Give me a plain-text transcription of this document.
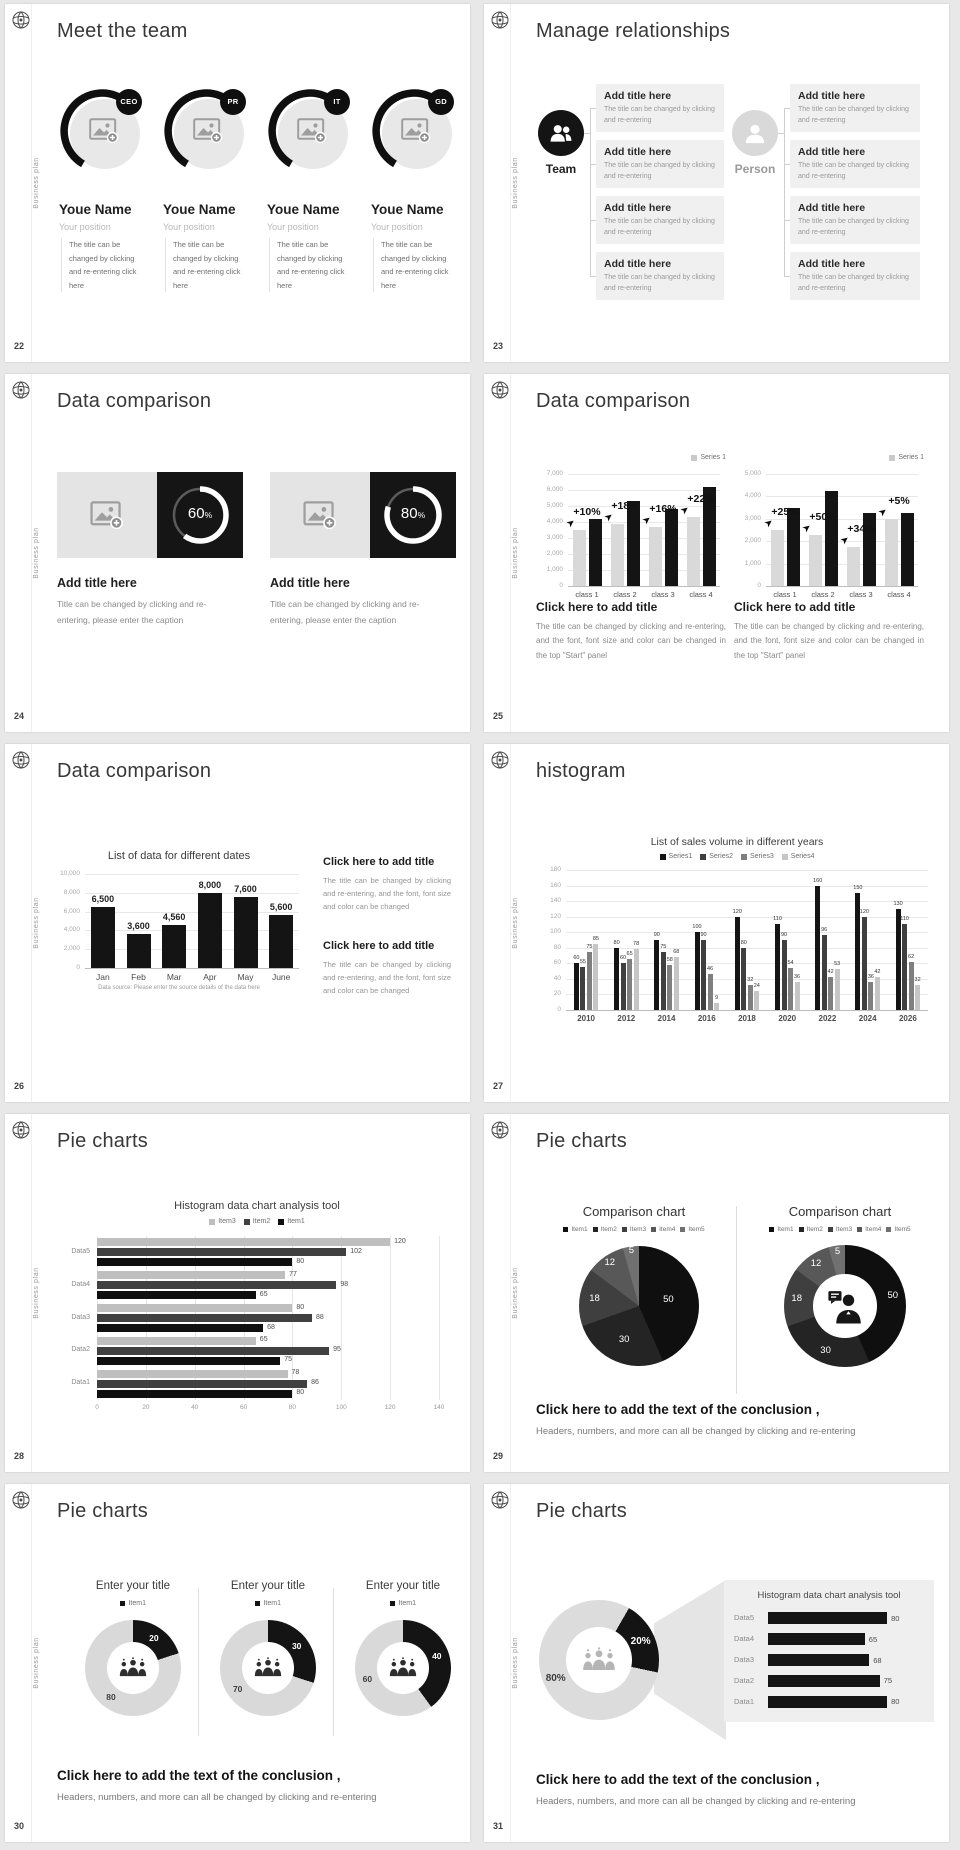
Business plan
22
Meet the team
CEO
Youe Name
Your position
The title can be changed by clicking and re-entering click here
PR
Youe Name
Your position
The title can be changed by clicking and re-entering click here
IT
Youe Name
Your position
The title can be changed by clicking and re-entering click here
GD
Youe Name
Your position
The title can be changed by clicking and re-entering click here
Business plan
23
Manage relationships
Team
Add title here
The title can be changed by clicking and re-entering
Add title here
The title can be changed by clicking and re-entering
Add title here
The title can be changed by clicking and re-entering
Add title here
The title can be changed by clicking and re-entering
Person
Add title here
The title can be changed by clicking and re-entering
Add title here
The title can be changed by clicking and re-entering
Add title here
The title can be changed by clicking and re-entering
Add title here
The title can be changed by clicking and re-entering
Business plan
24
Data comparison
60%
Add title here
Title can be changed by clicking and re-entering, please enter the caption
80%
Add title here
Title can be changed by clicking and re-entering, please enter the caption
Business plan
25
Data comparison
Series 1
0
1,000
2,000
3,000
4,000
5,000
6,000
7,000
+10%
➤
class 1
+18%
➤
class 2
+16%
➤
class 3
+22%
➤
class 4
Series 1
0
1,000
2,000
3,000
4,000
5,000
+25%
➤
class 1
+50%
➤
class 2
+34%
➤
class 3
+5%
➤
class 4
Click here to add title
The title can be changed by clicking and re-entering, and the font, font size and color can be changed in the top "Start" panel
Click here to add title
The title can be changed by clicking and re-entering, and the font, font size and color can be changed in the top "Start" panel
Business plan
26
Data comparison
List of data for different dates
0
2,000
4,000
6,000
8,000
10,000
6,500
Jan
3,600
Feb
4,560
Mar
8,000
Apr
7,600
May
5,600
June
Data source: Please enter the source details of the data here
Click here to add title
The title can be changed by clicking and re-entering, and the font, font size and color can be changed
Click here to add title
The title can be changed by clicking and re-entering, and the font, font size and color can be changed
Business plan
27
histogram
List of sales volume in different years
Series1 Series2 Series3 Series4
0
20
40
60
80
100
120
140
160
180
60
55
75
85
2010
80
60
65
78
2012
90
75
58
68
2014
100
90
46
9
2016
120
80
32
24
2018
110
90
54
36
2020
160
96
42
53
2022
150
120
36
42
2024
130
110
62
32
2026
Business plan
28
Pie charts
Histogram data chart analysis tool
Item3 Item2 Item1
0	20	40	60	80	100	120	140
Data5
120
102
80
Data4
77
98
65
Data3
80
88
68
Data2
65
95
75
Data1
78
86
80
Business plan
29
Pie charts
Comparison chart
Item1 Item2 Item3 Item4 Item5
50
30
18
12
5
Comparison chart
Item1 Item2 Item3 Item4 Item5
50
30
18
12
5
Click here to add the text of the conclusion ,
Headers, numbers, and more can all be changed by clicking and re-entering
Business plan
30
Pie charts
Enter your title
Item1
20
80
Enter your title
Item1
30
70
Enter your title
Item1
40
60
Click here to add the text of the conclusion ,
Headers, numbers, and more can all be changed by clicking and re-entering
Business plan
31
Pie charts
20%
80%
Histogram data chart analysis tool
Data5	80
Data4	65
Data3	68
Data2	75
Data1	80
Click here to add the text of the conclusion ,
Headers, numbers, and more can all be changed by clicking and re-entering
